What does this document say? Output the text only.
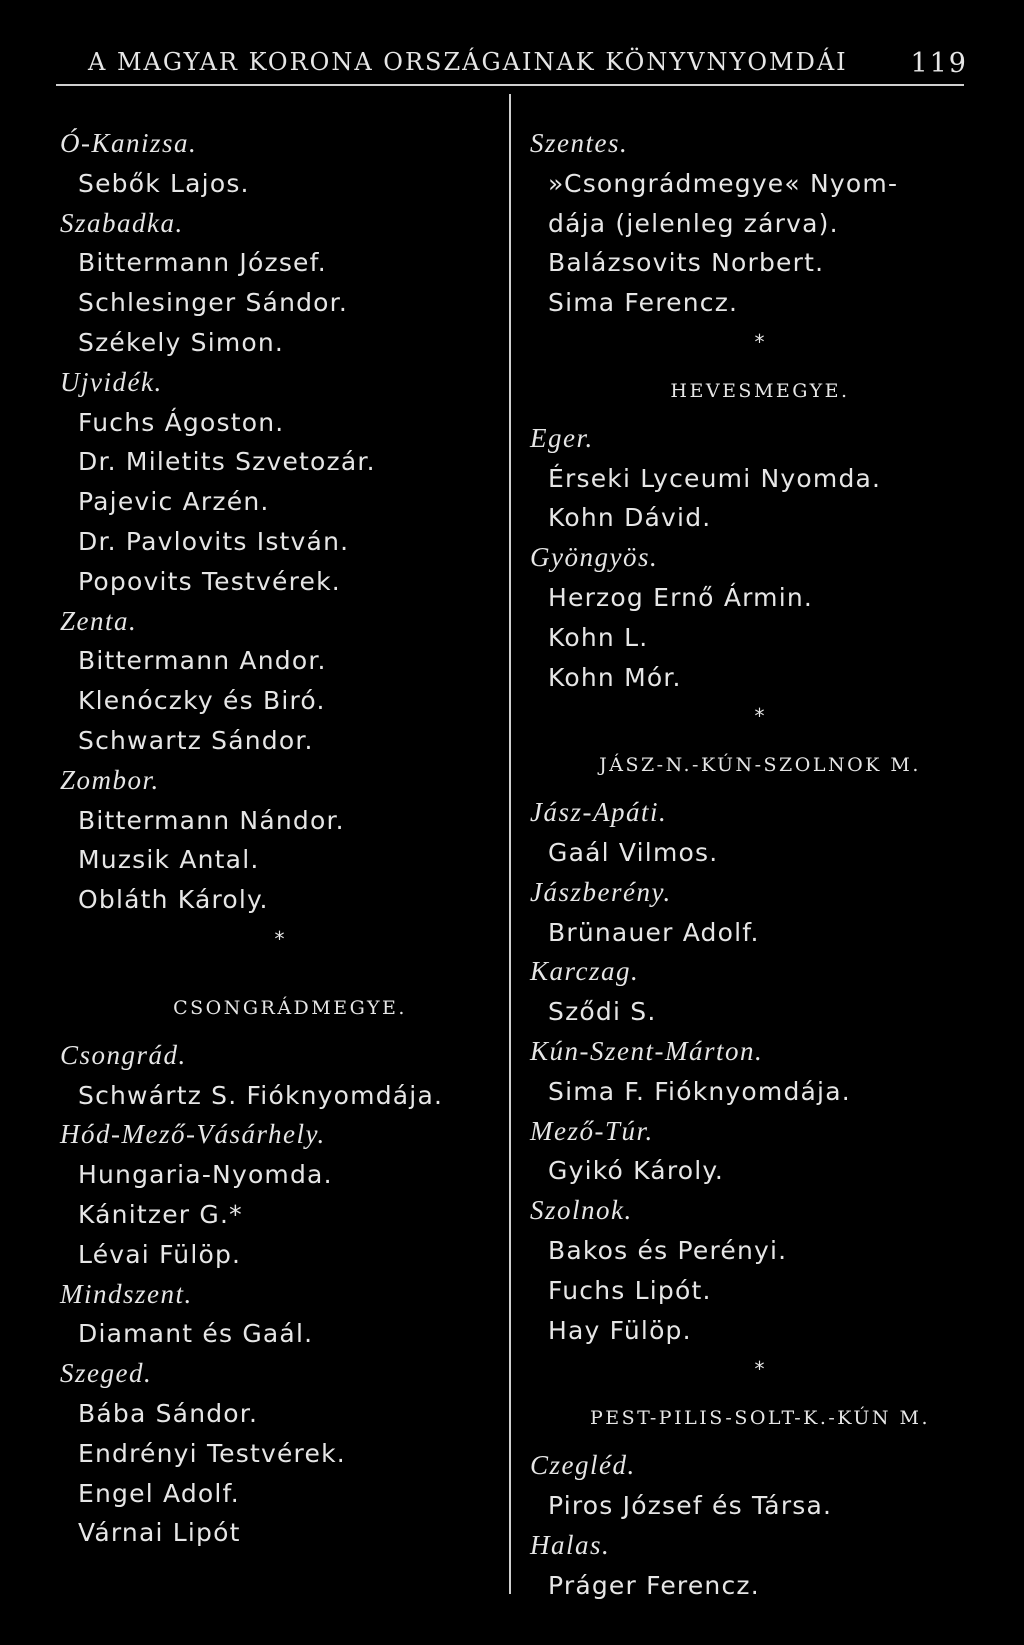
A MAGYAR KORONA ORSZÁGAINAK KÖNYVNYOMDÁI 119
Ó-Kanizsa.
Sebők Lajos.
Szabadka.
Bittermann József.
Schlesinger Sándor.
Székely Simon.
Ujvidék.
Fuchs Ágoston.
Dr. Miletits Szvetozár.
Pajevic Arzén.
Dr. Pavlovits István.
Popovits Testvérek.
Zenta.
Bittermann Andor.
Klenóczky és Biró.
Schwartz Sándor.
Zombor.
Bittermann Nándor.
Muzsik Antal.
Obláth Károly.
*
CSONGRÁDMEGYE.
Csongrád.
Schwártz S. Fióknyomdája.
Hód-Mező-Vásárhely.
Hungaria-Nyomda.
Kánitzer G.*
Lévai Fülöp.
Mindszent.
Diamant és Gaál.
Szeged.
Bába Sándor.
Endrényi Testvérek.
Engel Adolf.
Várnai Lipót
Szentes.
»Csongrádmegye« Nyom-
dája (jelenleg zárva).
Balázsovits Norbert.
Sima Ferencz.
*
HEVESMEGYE.
Eger.
Érseki Lyceumi Nyomda.
Kohn Dávid.
Gyöngyös.
Herzog Ernő Ármin.
Kohn L.
Kohn Mór.
*
JÁSZ-N.-KÚN-SZOLNOK M.
Jász-Apáti.
Gaál Vilmos.
Jászberény.
Brünauer Adolf.
Karczag.
Sződi S.
Kún-Szent-Márton.
Sima F. Fióknyomdája.
Mező-Túr.
Gyikó Károly.
Szolnok.
Bakos és Perényi.
Fuchs Lipót.
Hay Fülöp.
*
PEST-PILIS-SOLT-K.-KÚN M.
Czegléd.
Piros József és Társa.
Halas.
Práger Ferencz.
